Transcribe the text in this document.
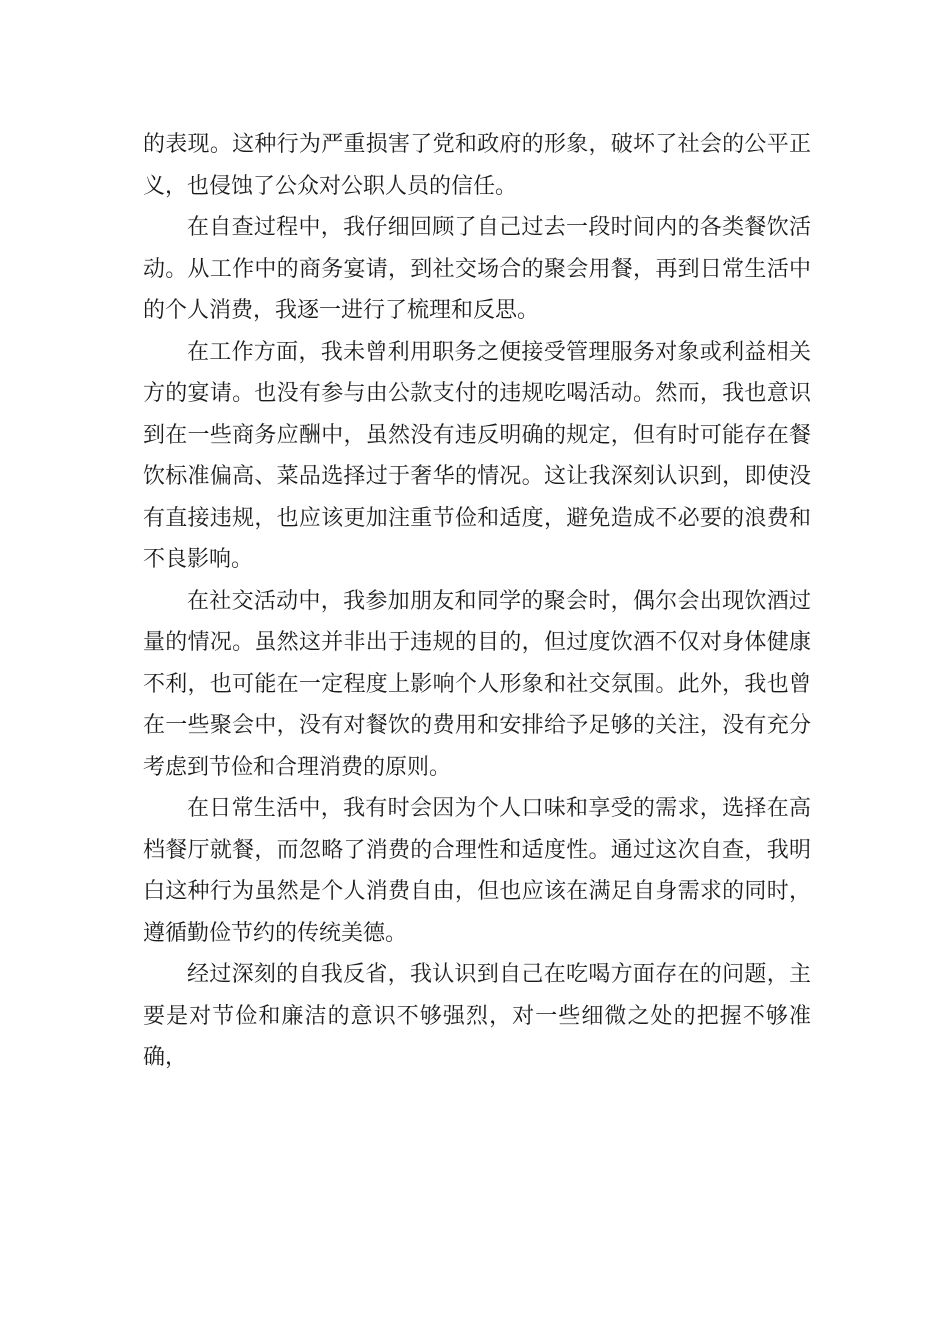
的表现。这种行为严重损害了党和政府的形象，破坏了社会的公平正义，也侵蚀了公众对公职人员的信任。

在自查过程中，我仔细回顾了自己过去一段时间内的各类餐饮活动。从工作中的商务宴请，到社交场合的聚会用餐，再到日常生活中的个人消费，我逐一进行了梳理和反思。

在工作方面，我未曾利用职务之便接受管理服务对象或利益相关方的宴请。也没有参与由公款支付的违规吃喝活动。然而，我也意识到在一些商务应酬中，虽然没有违反明确的规定，但有时可能存在餐饮标准偏高、菜品选择过于奢华的情况。这让我深刻认识到，即使没有直接违规，也应该更加注重节俭和适度，避免造成不必要的浪费和不良影响。

在社交活动中，我参加朋友和同学的聚会时，偶尔会出现饮酒过量的情况。虽然这并非出于违规的目的，但过度饮酒不仅对身体健康不利，也可能在一定程度上影响个人形象和社交氛围。此外，我也曾在一些聚会中，没有对餐饮的费用和安排给予足够的关注，没有充分考虑到节俭和合理消费的原则。

在日常生活中，我有时会因为个人口味和享受的需求，选择在高档餐厅就餐，而忽略了消费的合理性和适度性。通过这次自查，我明白这种行为虽然是个人消费自由，但也应该在满足自身需求的同时，遵循勤俭节约的传统美德。

经过深刻的自我反省，我认识到自己在吃喝方面存在的问题，主要是对节俭和廉洁的意识不够强烈，对一些细微之处的把握不够准确，
